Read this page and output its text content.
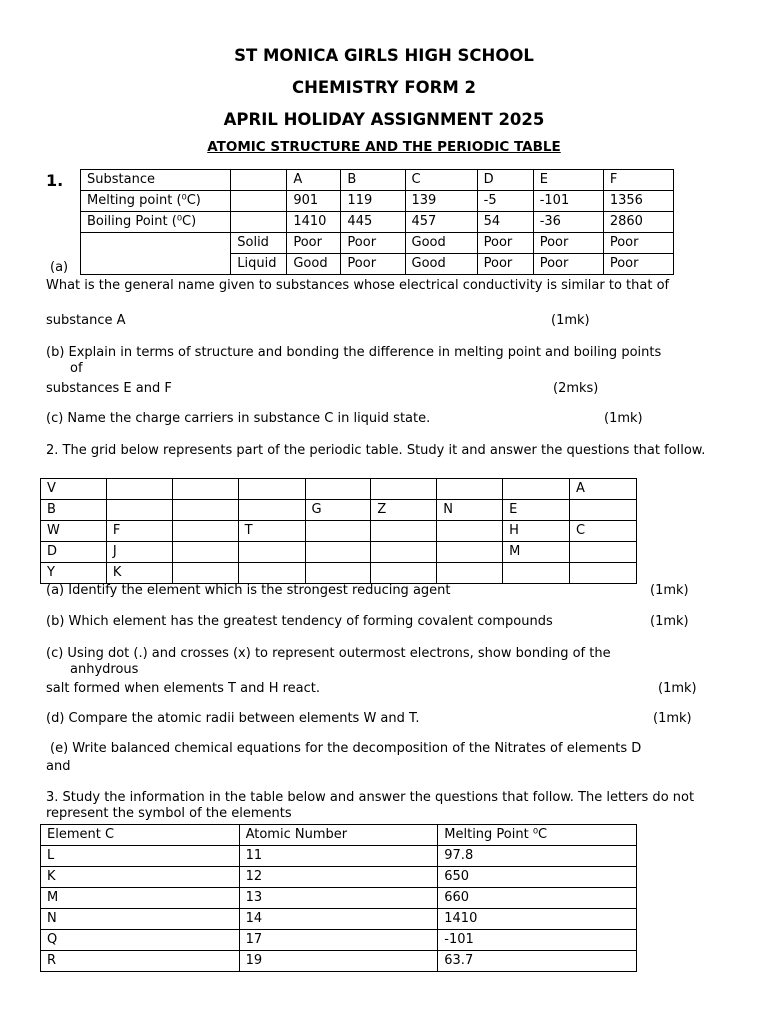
ST MONICA GIRLS HIGH SCHOOL
CHEMISTRY FORM 2
APRIL HOLIDAY ASSIGNMENT 2025
ATOMIC STRUCTURE AND THE PERIODIC TABLE
1.
(a)
Substance		A	B	C	D	E	F
Melting point (⁰C)		901	119	139	-5	-101	1356
Boiling Point (⁰C)		1410	445	457	54	-36	2860
	Solid	Poor	Poor	Good	Poor	Poor	Poor
	Liquid	Good	Poor	Good	Poor	Poor	Poor
What is the general name given to substances whose electrical conductivity is similar to that of
substance A	(1mk)
(b) Explain in terms of structure and bonding the difference in melting point and boiling points
of
substances E and F	(2mks)
(c) Name the charge carriers in substance C in liquid state.	(1mk)
2. The grid below represents part of the periodic table. Study it and answer the questions that follow.
V								A
B				G	Z	N	E	
W	F		T				H	C
D	J						M	
Y	K							
(a) Identify the element which is the strongest reducing agent	(1mk)
(b) Which element has the greatest tendency of forming covalent compounds	(1mk)
(c) Using dot (.) and crosses (x) to represent outermost electrons, show bonding of the
anhydrous
salt formed when elements T and H react.	(1mk)
(d) Compare the atomic radii between elements W and T.	(1mk)
(e) Write balanced chemical equations for the decomposition of the Nitrates of elements D
and
3. Study the information in the table below and answer the questions that follow. The letters do not represent the symbol of the elements
Element C	Atomic Number	Melting Point ⁰C
L	11	97.8
K	12	650
M	13	660
N	14	1410
Q	17	-101
R	19	63.7
